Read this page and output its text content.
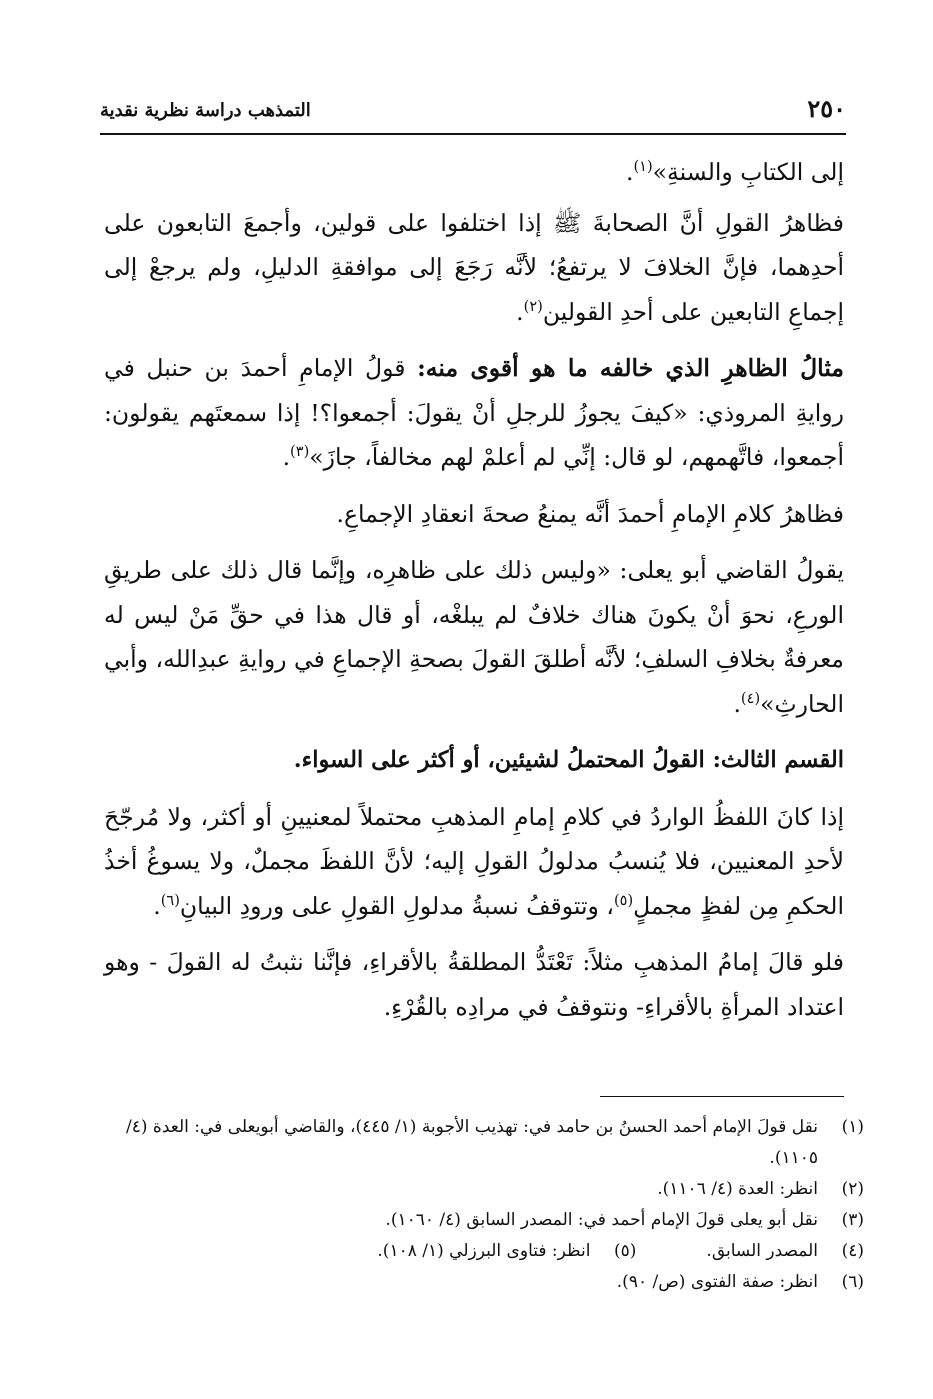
٢٥٠
التمذهب دراسة نظرية نقدية

إلى الكتابِ والسنةِ»$^{(١)}$.

فظاهرُ القولِ أنَّ الصحابةَ ﷺ إذا اختلفوا على قولين، وأجمعَ التابعون على أحدِهما، فإنَّ الخلافَ لا يرتفعُ؛ لأنَّه رَجَعَ إلى موافقةِ الدليلِ، ولم يرجعْ إلى إجماعِ التابعين على أحدِ القولين$^{(٢)}$.

مثالُ الظاهرِ الذي خالفه ما هو أقوى منه: قولُ الإمامِ أحمدَ بن حنبل في روايةِ المروذي: «كيفَ يجوزُ للرجلِ أنْ يقولَ: أجمعوا؟! إذا سمعتَهم يقولون: أجمعوا، فاتَّهمهم، لو قال: إنِّي لم أعلمْ لهم مخالفاً، جازَ»$^{(٣)}$.

فظاهرُ كلامِ الإمامِ أحمدَ أنَّه يمنعُ صحةَ انعقادِ الإجماعِ.

يقولُ القاضي أبو يعلى: «وليس ذلك على ظاهرِه، وإنَّما قال ذلك على طريقِ الورعِ، نحوَ أنْ يكونَ هناك خلافٌ لم يبلغْه، أو قال هذا في حقِّ مَنْ ليس له معرفةٌ بخلافِ السلفِ؛ لأنَّه أطلقَ القولَ بصحةِ الإجماعِ في روايةِ عبدِالله، وأبي الحارثِ»$^{(٤)}$.

القسم الثالث: القولُ المحتملُ لشيئين، أو أكثر على السواء.

إذا كانَ اللفظُ الواردُ في كلامِ إمامِ المذهبِ محتملاً لمعنيينِ أو أكثر، ولا مُرجّحَ لأحدِ المعنيين، فلا يُنسبُ مدلولُ القولِ إليه؛ لأنَّ اللفظَ مجملٌ، ولا يسوغُ أخذُ الحكمِ مِن لفظٍ مجملٍ$^{(٥)}$، وتتوقفُ نسبةُ مدلولِ القولِ على ورودِ البيانِ$^{(٦)}$.

فلو قالَ إمامُ المذهبِ مثلاً: تَعْتَدُّ المطلقةُ بالأقراءِ، فإنَّنا نثبتُ له القولَ - وهو اعتداد المرأةِ بالأقراءِ- ونتوقفُ في مرادِه بالقُرْءِ.

(١)
نقل قولَ الإمام أحمد الحسنُ بن حامد في: تهذيب الأجوبة (١/ ٤٤٥)، والقاضي أبويعلى في: العدة (٤/ ١١٠٥).
(٢)
انظر: العدة (٤/ ١١٠٦).
(٣)
نقل أبو يعلى قولَ الإمام أحمد في: المصدر السابق (٤/ ١٠٦٠).
(٤)
المصدر السابق.
(٥)
انظر: فتاوى البرزلي (١/ ١٠٨).
(٦)
انظر: صفة الفتوى (ص/ ٩٠).
